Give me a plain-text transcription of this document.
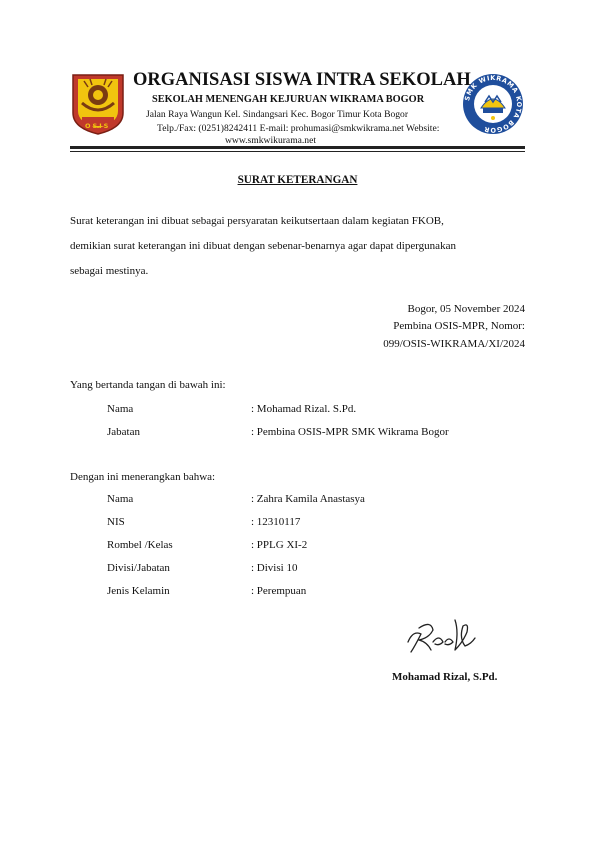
OSIS
SMK WIKRAMA KOTA BOGOR
ORGANISASI SISWA INTRA SEKOLAH
SEKOLAH MENENGAH KEJURUAN WIKRAMA BOGOR
Jalan Raya Wangun Kel. Sindangsari Kec. Bogor Timur Kota Bogor
Telp./Fax: (0251)8242411 E-mail: prohumasi@smkwikrama.net Website:
www.smkwikurama.net
SURAT KETERANGAN
Surat keterangan ini dibuat sebagai persyaratan keikutsertaan dalam kegiatan FKOB,
demikian surat keterangan ini dibuat dengan sebenar-benarnya agar dapat dipergunakan
sebagai mestinya.
Bogor, 05 November 2024
Pembina OSIS-MPR, Nomor:
099/OSIS-WIKRAMA/XI/2024
Yang bertanda tangan di bawah ini:
Nama	: Mohamad Rizal. S.Pd.
Jabatan	: Pembina OSIS-MPR SMK Wikrama Bogor
Dengan ini menerangkan bahwa:
Nama	: Zahra Kamila Anastasya
NIS	: 12310117
Rombel /Kelas	: PPLG XI-2
Divisi/Jabatan	: Divisi 10
Jenis Kelamin	: Perempuan
Mohamad Rizal, S.Pd.
